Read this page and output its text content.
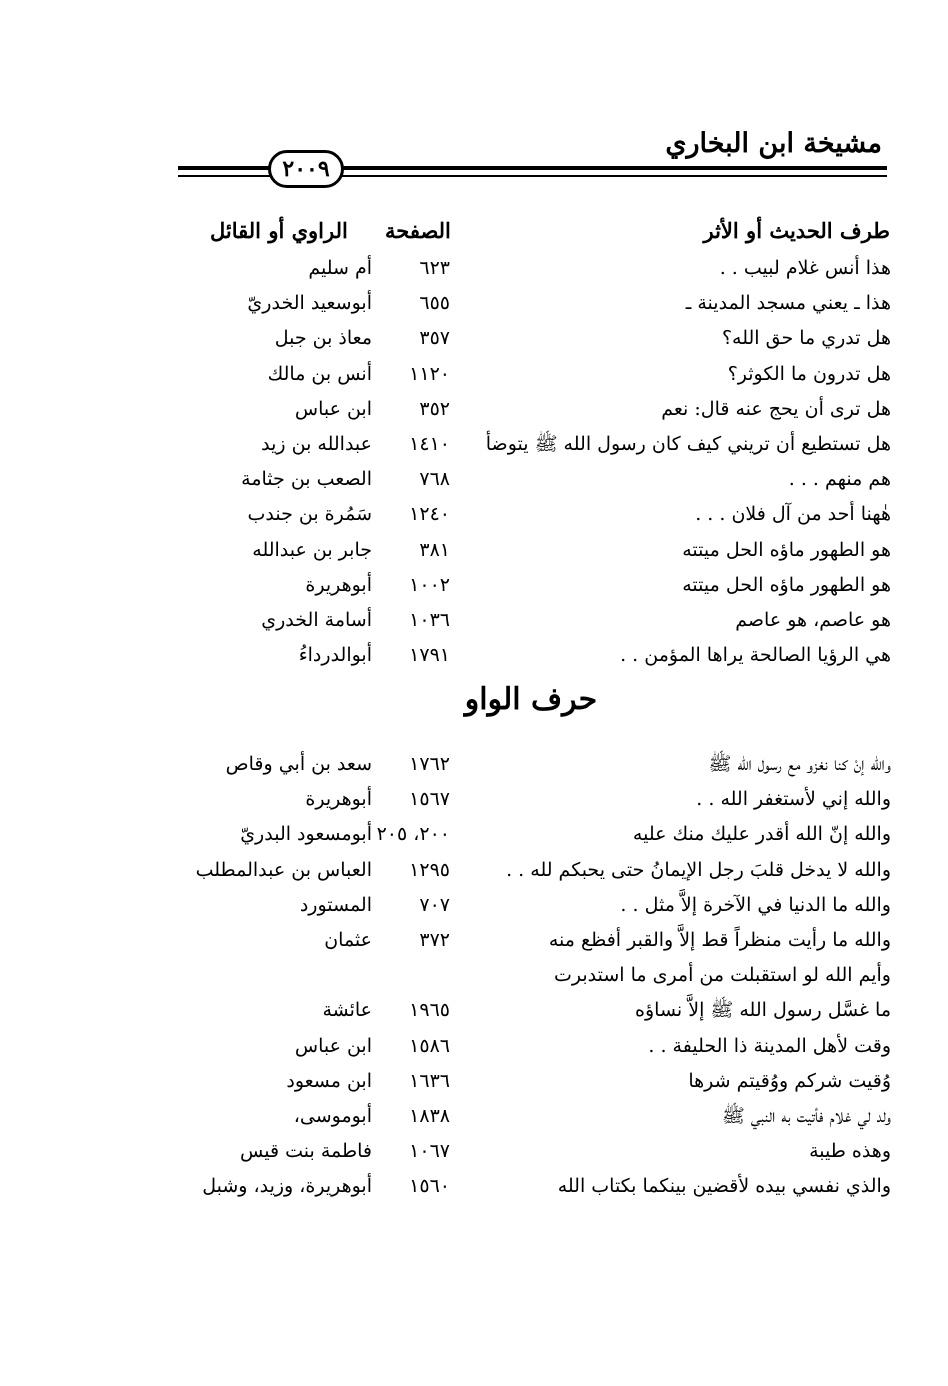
مشيخة ابن البخاري
٢٠٠٩
طرف الحديث أو الأثر
الصفحة
الراوي أو القائل
هذا أنس غلام لبيب . .
٦٢٣
أم سليم
هذا ـ يعني مسجد المدينة ـ
٦٥٥
أبوسعيد الخدريّ
هل تدري ما حق الله؟
٣٥٧
معاذ بن جبل
هل تدرون ما الكوثر؟
١١٢٠
أنس بن مالك
هل ترى أن يحج عنه قال: نعم
٣٥٢
ابن عباس
هل تستطيع أن تريني كيف كان رسول الله ﷺ يتوضأ
١٤١٠
عبدالله بن زيد
هم منهم . . .
٧٦٨
الصعب بن جثامة
هٰهنا أحد من آل فلان . . .
١٢٤٠
سَمُرة بن جندب
هو الطهور ماؤه الحل ميتته
٣٨١
جابر بن عبدالله
هو الطهور ماؤه الحل ميتته
١٠٠٢
أبوهريرة
هو عاصم، هو عاصم
١٠٣٦
أسامة الخدري
هي الرؤيا الصالحة يراها المؤمن . .
١٧٩١
أبوالدرداءُ
حرف الواو
والله إنْ كنا نغزو مع رسول الله ﷺ
١٧٦٢
سعد بن أبي وقاص
والله إني لأستغفر الله . .
١٥٦٧
أبوهريرة
والله إنّ الله أقدر عليك منك عليه
٢٠٠، ٢٠٥
أبومسعود البدريّ
والله لا يدخل قلبَ رجل الإيمانُ حتى يحبكم لله . .
١٢٩٥
العباس بن عبدالمطلب
والله ما الدنيا في الآخرة إلاَّ مثل . .
٧٠٧
المستورد
والله ما رأيت منظراً قط إلاَّ والقبر أفظع منه
٣٧٢
عثمان
وأيم الله لو استقبلت من أمرى ما استدبرت
ما غسَّل رسول الله ﷺ إلاَّ نساؤه
١٩٦٥
عائشة
وقت لأهل المدينة ذا الحليفة . .
١٥٨٦
ابن عباس
وُقيت شركم ووُقيتم شرها
١٦٣٦
ابن مسعود
ولد لي غلام فأتيت به النبي ﷺ
١٨٣٨
أبوموسى،
وهذه طيبة
١٠٦٧
فاطمة بنت قيس
والذي نفسي بيده لأقضين بينكما بكتاب الله
١٥٦٠
أبوهريرة، وزيد، وشبل
